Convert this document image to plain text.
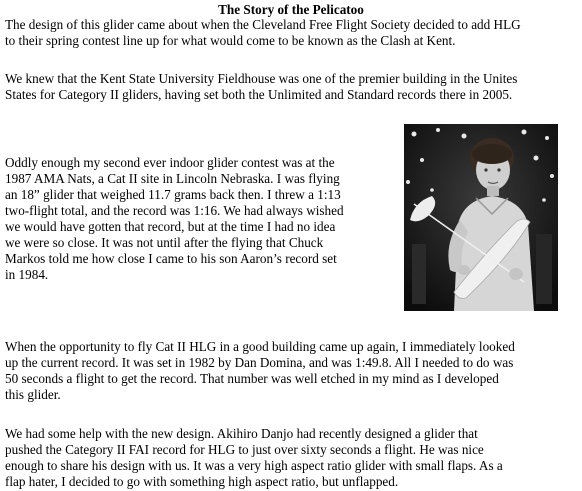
The Story of the Pelicatoo

The design of this glider came about when the Cleveland Free Flight Society decided to add HLG
to their spring contest line up for what would come to be known as the Clash at Kent.

We knew that the Kent State University Fieldhouse was one of the premier building in the Unites
States for Category II gliders, having set both the Unlimited and Standard records there in 2005.

Oddly enough my second ever indoor glider contest was at the
1987 AMA Nats, a Cat II site in Lincoln Nebraska. I was flying
an 18” glider that weighed 11.7 grams back then. I threw a 1:13
two-flight total, and the record was 1:16. We had always wished
we would have gotten that record, but at the time I had no idea
we were so close. It was not until after the flying that Chuck
Markos told me how close I came to his son Aaron’s record set
in 1984.

When the opportunity to fly Cat II HLG in a good building came up again, I immediately looked
up the current record. It was set in 1982 by Dan Domina, and was 1:49.8. All I needed to do was
50 seconds a flight to get the record. That number was well etched in my mind as I developed
this glider.

We had some help with the new design. Akihiro Danjo had recently designed a glider that
pushed the Category II FAI record for HLG to just over sixty seconds a flight. He was nice
enough to share his design with us. It was a very high aspect ratio glider with small flaps. As a
flap hater, I decided to go with something high aspect ratio, but unflapped.
